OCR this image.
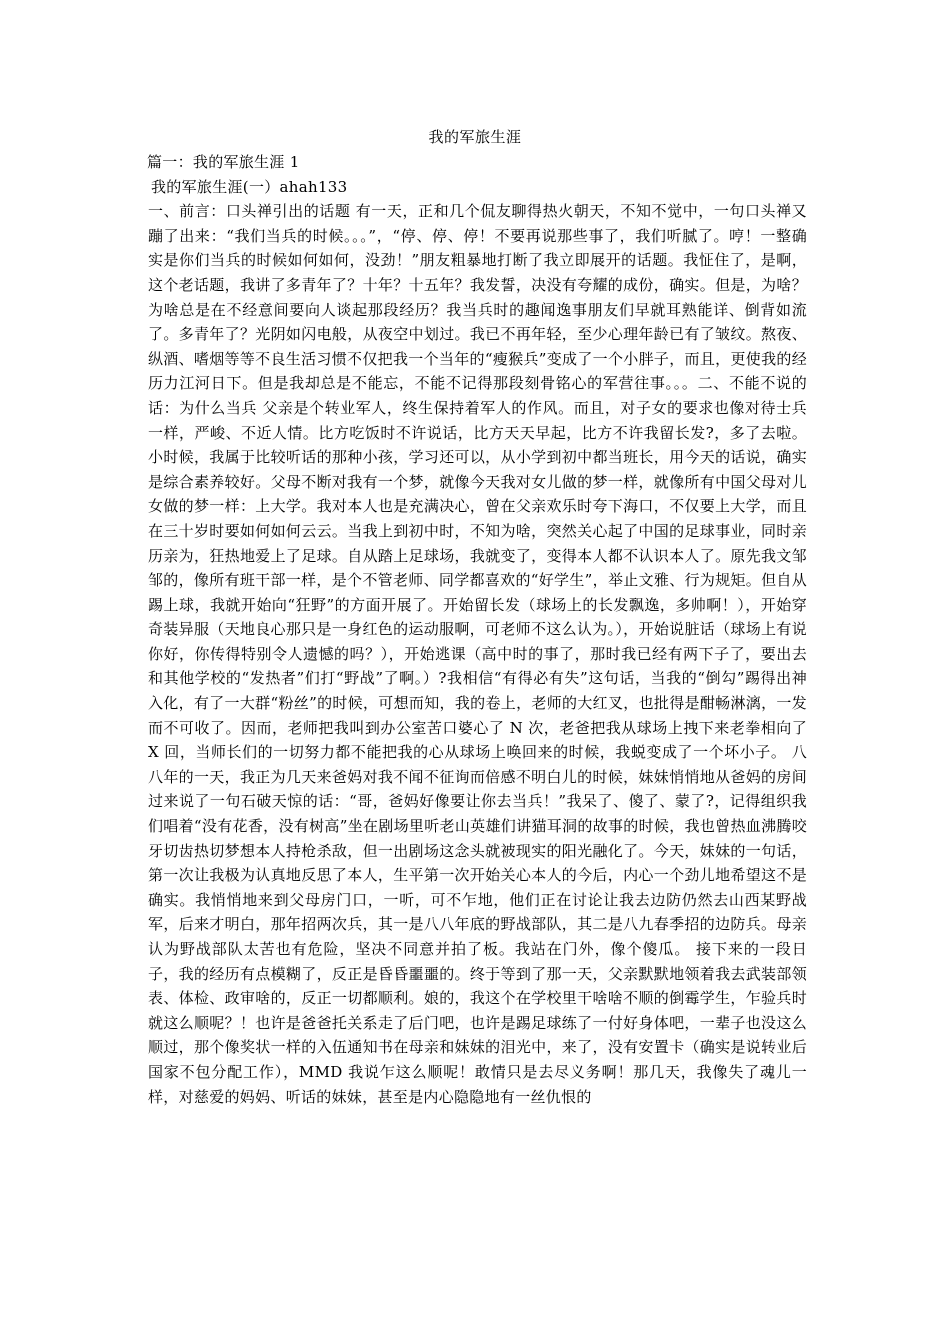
我的军旅生涯
篇一：我的军旅生涯 1
我的军旅生涯(一）ahah133
一、前言：口头禅引出的话题 有一天，正和几个侃友聊得热火朝天，不知不觉中，一句口头禅又蹦了出来：“我们当兵的时候。。。”，“停、停、停！不要再说那些事了，我们听腻了。哼！一整确实是你们当兵的时候如何如何，没劲！”朋友粗暴地打断了我立即展开的话题。我怔住了，是啊，这个老话题，我讲了多青年了？十年？十五年？我发誓，决没有夸耀的成份，确实。但是，为啥？为啥总是在不经意间要向人谈起那段经历？我当兵时的趣闻逸事朋友们早就耳熟能详、倒背如流了。多青年了？光阴如闪电般，从夜空中划过。我已不再年轻，至少心理年龄已有了皱纹。熬夜、纵酒、嗜烟等等不良生活习惯不仅把我一个当年的“瘦猴兵”变成了一个小胖子，而且，更使我的经历力江河日下。但是我却总是不能忘，不能不记得那段刻骨铭心的军营往事。。。二、不能不说的话：为什么当兵 父亲是个转业军人，终生保持着军人的作风。而且，对子女的要求也像对待士兵一样，严峻、不近人情。比方吃饭时不许说话，比方天天早起，比方不许我留长发?，多了去啦。小时候，我属于比较听话的那种小孩，学习还可以，从小学到初中都当班长，用今天的话说，确实是综合素养较好。父母不断对我有一个梦，就像今天我对女儿做的梦一样，就像所有中国父母对儿女做的梦一样：上大学。我对本人也是充满决心，曾在父亲欢乐时夸下海口，不仅要上大学，而且在三十岁时要如何如何云云。当我上到初中时，不知为啥，突然关心起了中国的足球事业，同时亲历亲为，狂热地爱上了足球。自从踏上足球场，我就变了，变得本人都不认识本人了。原先我文邹邹的，像所有班干部一样，是个不管老师、同学都喜欢的“好学生”，举止文雅、行为规矩。但自从踢上球，我就开始向“狂野”的方面开展了。开始留长发（球场上的长发飘逸，多帅啊！），开始穿奇装异服（天地良心那只是一身红色的运动服啊，可老师不这么认为。），开始说脏话（球场上有说你好，你传得特别令人遗憾的吗？），开始逃课（高中时的事了，那时我已经有两下子了，要出去和其他学校的“发热者”们打“野战”了啊。）?我相信“有得必有失”这句话，当我的“倒勾”踢得出神入化，有了一大群“粉丝”的时候，可想而知，我的卷上，老师的大红叉，也批得是酣畅淋漓，一发而不可收了。因而，老师把我叫到办公室苦口婆心了 N 次，老爸把我从球场上拽下来老拳相向了 X 回，当师长们的一切努力都不能把我的心从球场上唤回来的时候，我蜕变成了一个坏小子。 八八年的一天，我正为几天来爸妈对我不闻不征询而倍感不明白儿的时候，妹妹悄悄地从爸妈的房间过来说了一句石破天惊的话：“哥，爸妈好像要让你去当兵！”我呆了、傻了、蒙了?，记得组织我们唱着“没有花香，没有树高”坐在剧场里听老山英雄们讲猫耳洞的故事的时候，我也曾热血沸腾咬牙切齿热切梦想本人持枪杀敌，但一出剧场这念头就被现实的阳光融化了。今天，妹妹的一句话，第一次让我极为认真地反思了本人，生平第一次开始关心本人的今后，内心一个劲儿地希望这不是确实。我悄悄地来到父母房门口，一听，可不乍地，他们正在讨论让我去边防仍然去山西某野战军，后来才明白，那年招两次兵，其一是八八年底的野战部队，其二是八九春季招的边防兵。母亲认为野战部队太苦也有危险，坚决不同意并拍了板。我站在门外，像个傻瓜。 接下来的一段日子，我的经历有点模糊了，反正是昏昏噩噩的。终于等到了那一天，父亲默默地领着我去武装部领表、体检、政审啥的，反正一切都顺利。娘的，我这个在学校里干啥啥不顺的倒霉学生，乍验兵时就这么顺呢？！也许是爸爸托关系走了后门吧，也许是踢足球练了一付好身体吧，一辈子也没这么顺过，那个像奖状一样的入伍通知书在母亲和妹妹的泪光中，来了，没有安置卡（确实是说转业后国家不包分配工作），MMD 我说乍这么顺呢！敢情只是去尽义务啊！那几天，我像失了魂儿一样，对慈爱的妈妈、听话的妹妹，甚至是内心隐隐地有一丝仇恨的
